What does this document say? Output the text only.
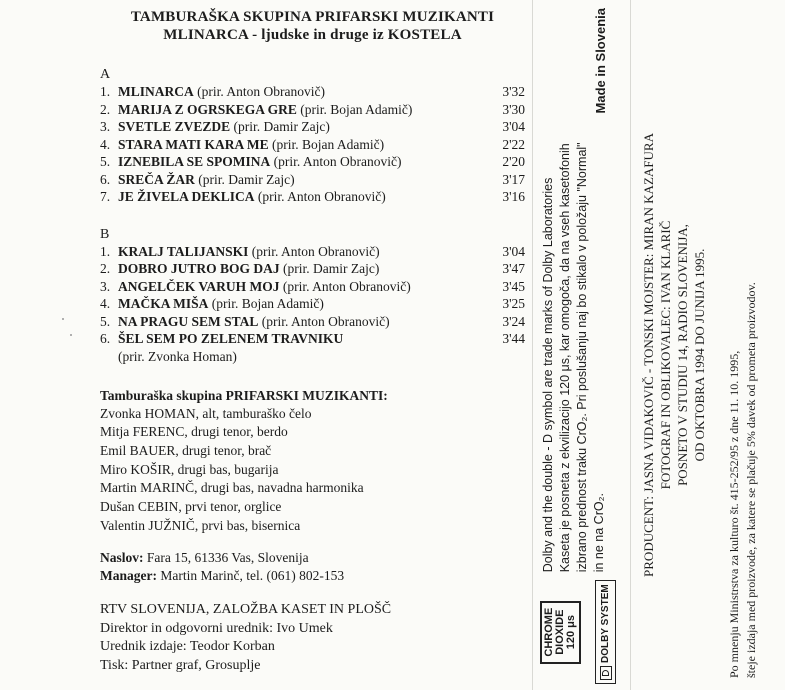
TAMBURAŠKA SKUPINA PRIFARSKI MUZIKANTI
MLINARCA - ljudske in druge iz KOSTELA
A
1. MLINARCA (prir. Anton Obranovič)	3'32
2. MARIJA Z OGRSKEGA GRE (prir. Bojan Adamič)	3'30
3. SVETLE ZVEZDE (prir. Damir Zajc)	3'04
4. STARA MATI KARA ME (prir. Bojan Adamič)	2'22
5. IZNEBILA SE SPOMINA (prir. Anton Obranovič)	2'20
6. SREČA ŽAR (prir. Damir Zajc)	3'17
7. JE ŽIVELA DEKLICA (prir. Anton Obranovič)	3'16
B
1. KRALJ TALIJANSKI (prir. Anton Obranovič)	3'04
2. DOBRO JUTRO BOG DAJ (prir. Damir Zajc)	3'47
3. ANGELČEK VARUH MOJ (prir. Anton Obranovič)	3'45
4. MAČKA MIŠA (prir. Bojan Adamič)	3'25
5. NA PRAGU SEM STAL (prir. Anton Obranovič)	3'24
6. ŠEL SEM PO ZELENEM TRAVNIKU	3'44
(prir. Zvonka Homan)
Tamburaška skupina PRIFARSKI MUZIKANTI:
Zvonka HOMAN, alt, tamburaško čelo
Mitja FERENC, drugi tenor, berdo
Emil BAUER, drugi tenor, brač
Miro KOŠIR, drugi bas, bugarija
Martin MARINČ, drugi bas, navadna harmonika
Dušan CEBIN, prvi tenor, orglice
Valentin JUŽNIČ, prvi bas, bisernica
Naslov: Fara 15, 61336 Vas, Slovenija
Manager: Martin Marinč, tel. (061) 802-153
RTV SLOVENIJA, ZALOŽBA KASET IN PLOŠČ
Direktor in odgovorni urednik: Ivo Umek
Urednik izdaje: Teodor Korban
Tisk: Partner graf, Grosuplje
CHROME DIOXIDE 120 μs	DOLBY SYSTEM
Dolby and the double - D symbol are trade marks of Dolby Laboratories Kaseta je posneta z ekvilizacijo 120 μs, kar omogoča, da na vseh kasetofonih izbrano prednost traku CrO₂. Pri poslušanju naj bo stikalo v položaju "Normal" in ne na CrO₂.
Made in Slovenia
PRODUCENT: JASNA VIDAKOVIČ - TONSKI MOJSTER: MIRAN KAZAFURA FOTOGRAF IN OBLIKOVALEC: IVAN KLARIČ POSNETO V STUDIU 14, RADIO SLOVENIJA, OD OKTOBRA 1994 DO JUNIJA 1995. Po mnenju Ministrstva za kulturo št. 415-252/95 z dne 11. 10. 1995, šteje izdaja med proizvode, za katere se plačuje 5% davek od prometa proizvodov.
